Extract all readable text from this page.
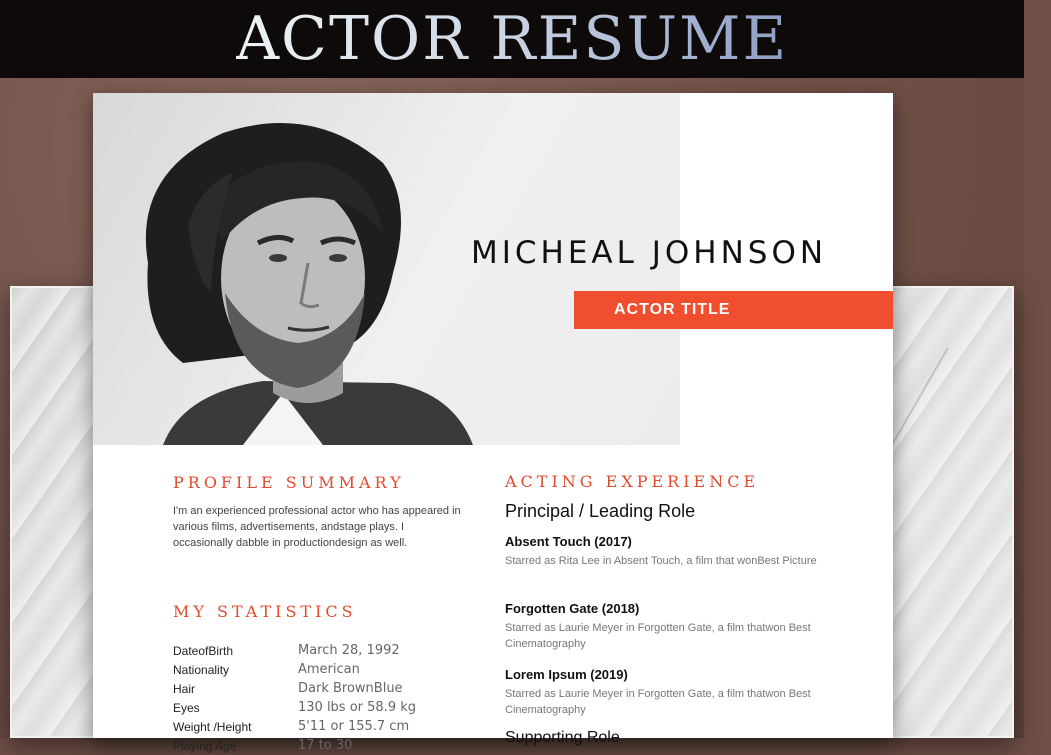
ACTOR RESUME
MICHEAL JOHNSON
ACTOR TITLE
PROFILE SUMMARY
I'm an experienced professional actor who has appeared in various films, advertisements, andstage plays. I occasionally dabble in productiondesign as well.
MY STATISTICS
DateofBirth	March 28, 1992
Nationality	American
Hair	Dark BrownBlue
Eyes	130 lbs or 58.9 kg
Weight /Height	5'11 or 155.7 cm
Playing Age	17 to 30
ACTING EXPERIENCE
Principal / Leading Role
Absent Touch (2017)
Starred as Rita Lee in Absent Touch, a film that wonBest Picture
Forgotten Gate (2018)
Starred as Laurie Meyer in Forgotten Gate, a film thatwon Best Cinematography
Lorem Ipsum (2019)
Starred as Laurie Meyer in Forgotten Gate, a film thatwon Best Cinematography
Supporting Role
